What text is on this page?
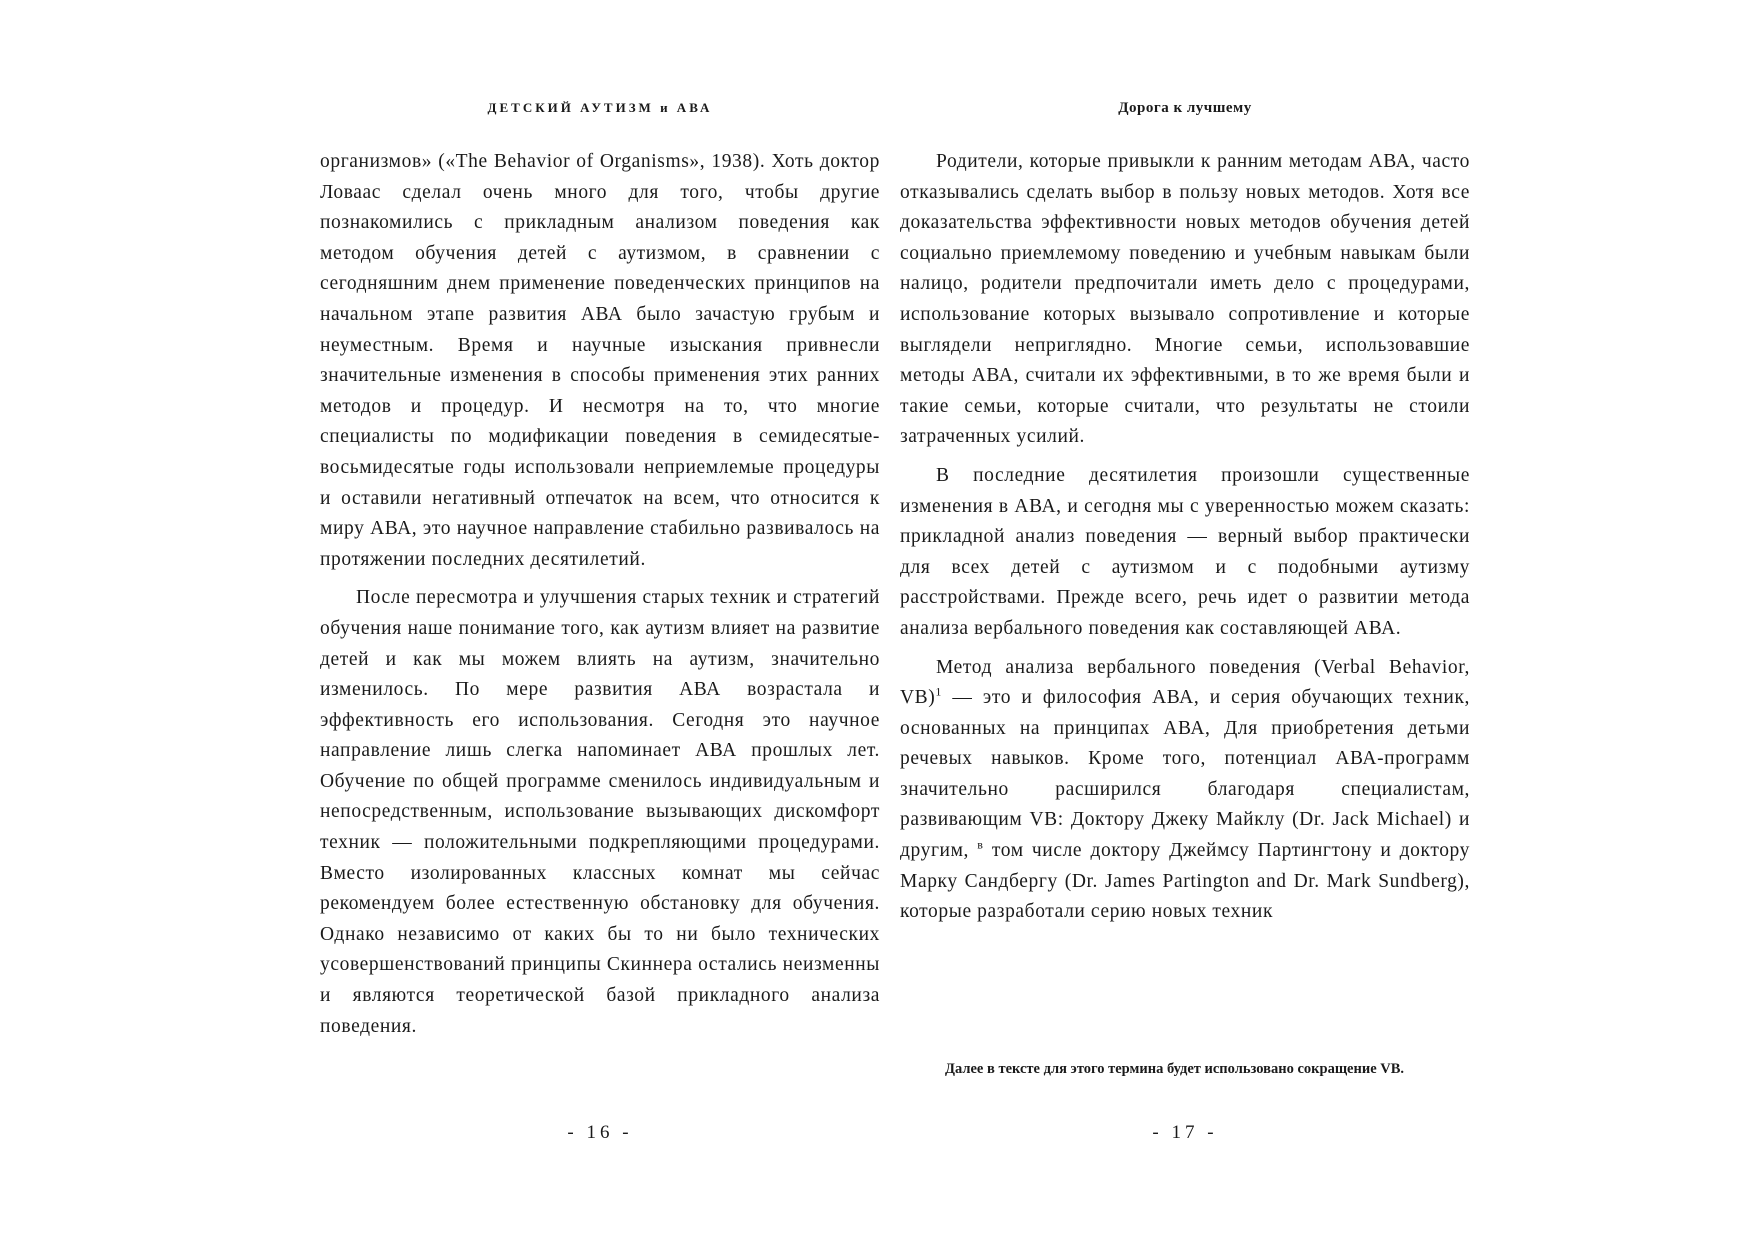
ДЕТСКИЙ АУТИЗМ и АВА

организмов» («The Behavior of Organisms», 1938). Хоть доктор Ловаас сделал очень много для того, чтобы другие познакомились с прикладным анализом поведения как методом обучения детей с аутизмом, в сравнении с сегодняшним днем применение поведенческих принципов на начальном этапе развития АВА было зачастую грубым и неуместным. Время и научные изыскания привнесли значительные изменения в способы применения этих ранних методов и процедур. И несмотря на то, что многие специалисты по модификации поведения в семидесятые-восьмидесятые годы использовали неприемлемые процедуры и оставили негативный отпечаток на всем, что относится к миру АВА, это научное направление стабильно развивалось на протяжении последних десятилетий.

После пересмотра и улучшения старых техник и стратегий обучения наше понимание того, как аутизм влияет на развитие детей и как мы можем влиять на аутизм, значительно изменилось. По мере развития АВА возрастала и эффективность его использования. Сегодня это научное направление лишь слегка напоминает АВА прошлых лет. Обучение по общей программе сменилось индивидуальным и непосредственным, использование вызывающих дискомфорт техник — положительными подкрепляющими процедурами. Вместо изолированных классных комнат мы сейчас рекомендуем более естественную обстановку для обучения. Однако независимо от каких бы то ни было технических усовершенствований принципы Скиннера остались неизменны и являются теоретической базой прикладного анализа поведения.

- 16 -
Дорога к лучшему

Родители, которые привыкли к ранним методам АВА, часто отказывались сделать выбор в пользу новых методов. Хотя все доказательства эффективности новых методов обучения детей социально приемлемому поведению и учебным навыкам были налицо, родители предпочитали иметь дело с процедурами, использование которых вызывало сопротивление и которые выглядели непригляднo. Многие семьи, использовавшие методы АВА, считали их эффективными, в то же время были и такие семьи, которые считали, что результаты не стоили затраченных усилий.

В последние десятилетия произошли существенные изменения в АВА, и сегодня мы с уверенностью можем сказать: прикладной анализ поведения — верный выбор практически для всех детей с аутизмом и с подобными аутизму расстройствами. Прежде всего, речь идет о развитии метода анализа вербального поведения как составляющей АВА.

Метод анализа вербального поведения (Verbal Behavior, VB)$^1$ — это и философия АВА, и серия обучающих техник, основанных на принципах АВА, Для приобретения детьми речевых навыков. Кроме того, потенциал АВА-программ значительно расширился благодаря специалистам, развивающим VB: Доктору Джеку Майклу (Dr. Jack Michael) и другим, $^в$ том числе доктору Джеймсу Партингтону и доктору Марку Сандбергу (Dr. James Partington and Dr. Mark Sundberg), которые разработали серию новых техник

Далее в тексте для этого термина будет использовано сокращение VB.
- 17 -
